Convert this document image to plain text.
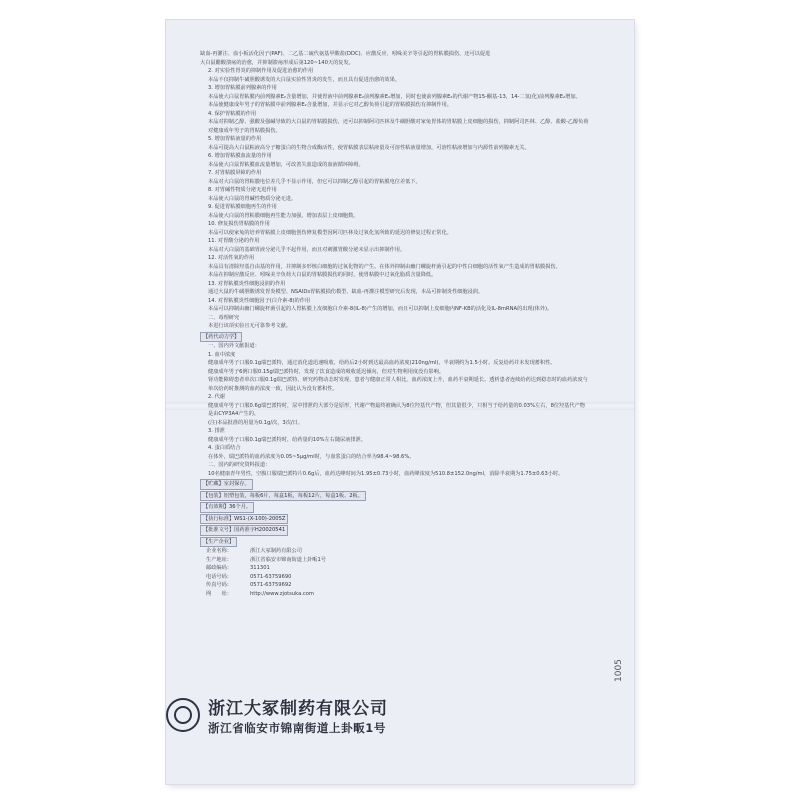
缺血-再灌注、血小板活化因子(PAF)、二乙基二硫代氨基甲酸盐(DDC)、应激反应、吲哚美辛等引起的胃粘膜损伤，还可以促进

大白鼠醋酸溃疡的治愈，并抑制溃疡形成后第120~140天的复发。

2. 对实验性胃炎的抑制作用及促进治愈的作用

本品不仅抑制牛磺胆酸诱发的大白鼠实验性胃炎的发生，而且具有促进治愈的效果。

3. 增加胃粘膜前列腺素的作用

本品使大白鼠胃粘膜内前列腺素E₂含量增加，并使胃液中前列腺素E₂前列腺素E₁增加，同时也使前列腺素E₂的代谢产物15-酮基-13，14-二氢(化)前列腺素E₂增加。

本品使健康成年男子的胃粘膜中前列腺素E₂含量增加，并显示它对乙醇负荷引起的胃粘膜损伤有抑制作用。

4. 保护胃粘膜的作用

本品对抑制乙醇、强酸及强碱导致的大白鼠的胃粘膜损伤，还可以抑制阿司匹林及牛磺胆酸对家兔胃体的胃粘膜上皮细胞的损伤，抑制阿司匹林、乙醇、盐酸-乙醇负荷对健康成年男子的胃粘膜损伤。

5. 增加胃粘液量的作用

本品可提高大白鼠粘液高分子糖蛋白的生物合成酶活性，使胃粘膜表层粘液量及可溶性粘液量增加，可溶性粘液增加与内源性前列腺素无关。

6. 增加胃粘膜血流量的作用

本品使大白鼠胃粘膜血流量增加，可改善失血造成的血液循环障碍。

7. 对胃粘膜屏障的作用

本品对大白鼠的胃粘膜电位差几乎不显示作用，但它可以抑制乙醇引起的胃粘膜电位差低下。

8. 对胃碱性物质分泌无进作用

本品使大白鼠的胃碱性物质分泌无进。

9. 促进胃粘膜细胞再生的作用

本品使大白鼠的胃粘膜细胞再生能力加强，增加表层上皮细胞数。

10. 修复损伤胃粘膜的作用

本品可以使家兔的培养胃粘膜上皮细胞创伤修复模型因阿司匹林及过氧化氢所致的延迟的修复过程正常化。

11. 对胃酸分泌的作用

本品对大白鼠的基础胃液分泌几乎不起作用，而且对刺激胃酸分泌未显示出抑制作用。

12. 对活性氧的作用

本品具有清除羟基自由基的作用，并抑制多形核白细胞的过氧化物的产生。在体外抑制由幽门螺旋杆菌引起的中性白细胞的活性氧产生造成的胃粘膜损伤。

本品在抑制应激反应、吲哚美辛负荷大白鼠的胃粘膜损伤的同时，使胃粘膜中过氧化脂质含量降低。

13. 对胃粘膜炎性细胞浸润的作用

通过大鼠的牛磺胆酸诱发胃炎模型、NSAIDs胃粘膜损伤模型、缺血-再灌注模型研究后发现，本品可抑制炎性细胞浸润。

14. 对胃粘膜炎性细胞因子(白介素-8)的作用

本品可以抑制由幽门螺旋杆菌引起的人胃粘膜上皮细胞白介素-8(IL-8)产生的增加，而且可以抑制上皮细胞内NF-KB的活化及IL-8mRNA的出现(体外)。

二、毒理研究

本进行该项实验且无可靠参考文献。

【药代动力学】

一、国内外文献报道：

1. 血中浓度

健康成年男子口服0.1g瑞巴派特，通过消化道迅速吸收，给药后2小时到达最高血药浓度(210ng/ml)，半衰期约为1.5小时。反复给药并未发现蓄积性。

健康成年男子6例口服0.15g瑞巴派特时，发现了饮食造成的吸收延迟倾向，但对生物利用度没有影响。

肾功能障碍患者单次口服0.1g瑞巴派特，研究药物动态时发现，患者与健康正常人相比，血药浓度上升，血药半衰期延长。透析患者连续给药达到稳态时的血药浓度与单次给药时推测的血药浓度一致，因此认为没有蓄积性。

2. 代谢

健康成年男子口服0.6g瑞巴派特时，尿中排泄的大部分是原形，代谢产物最终被确认为8位羟基代产物，但其量很少，只相当于给药量的0.03%左右，8位羟基代产物是由CYP3A4产生的。

(注)本品批准的用量为0.1g/次，3次/日。

3. 排泄

健康成年男子口服0.1g瑞巴派特时，给药量的10%左右随尿液排泄。

4. 蛋白质结合

在体外，瑞巴派特的血药浓度为0.05~5μg/ml时，与血浆蛋白的结合率为98.4~98.6%。

二、国内的研究资料报道：

10名健康青年男性，空腹口服瑞巴派特片0.6g后，血药达峰时间为1.95±0.73小时，血药峰浓度为510.8±152.0ng/ml，消除半衰期为1.75±0.63小时。

【贮藏】室封保存。

【包装】铝塑包装，每板6片，每盒1板，每板12片，每盒1板、2板。

【有效期】36个月。

【执行标准】WS1-(X-100)-2005Z

【批准文号】国药准字H20020541

【生产企业】

企业名称：	浙江大冢制药有限公司
生产地址：	浙江省临安市锦南街道上卦畈1号
邮政编码：	311301
电话号码：	0571-63759690
传真号码：	0571-63759692
网　　址：	http://www.zjotsuka.com
1005
浙江大冢制药有限公司
浙江省临安市锦南街道上卦畈1号
